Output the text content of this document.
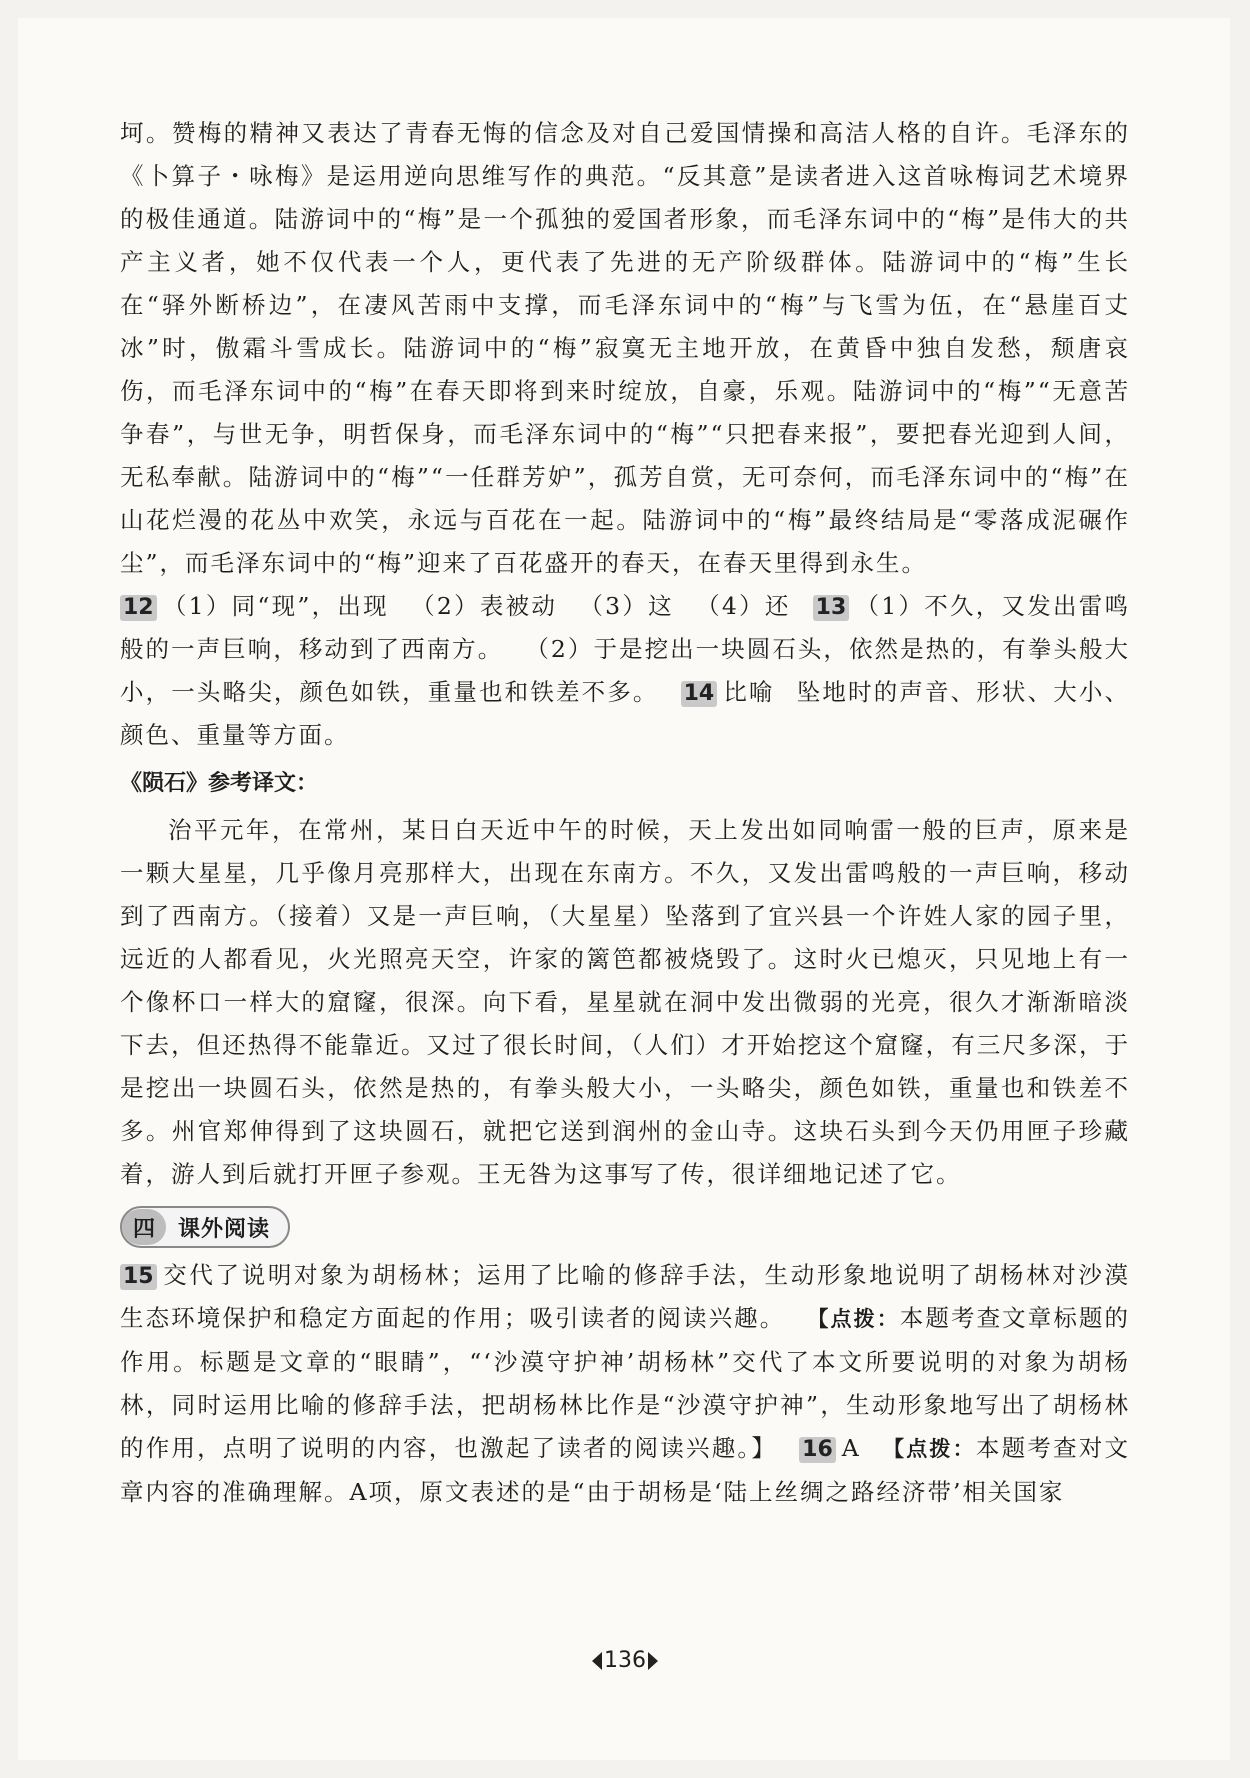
坷。赞梅的精神又表达了青春无悔的信念及对自己爱国情操和高洁人格的自许。毛泽东的《卜算子・咏梅》是运用逆向思维写作的典范。“反其意”是读者进入这首咏梅词艺术境界的极佳通道。陆游词中的“梅”是一个孤独的爱国者形象，而毛泽东词中的“梅”是伟大的共产主义者，她不仅代表一个人，更代表了先进的无产阶级群体。陆游词中的“梅”生长在“驿外断桥边”，在凄风苦雨中支撑，而毛泽东词中的“梅”与飞雪为伍，在“悬崖百丈冰”时，傲霜斗雪成长。陆游词中的“梅”寂寞无主地开放，在黄昏中独自发愁，颓唐哀伤，而毛泽东词中的“梅”在春天即将到来时绽放，自豪，乐观。陆游词中的“梅”“无意苦争春”，与世无争，明哲保身，而毛泽东词中的“梅”“只把春来报”，要把春光迎到人间，无私奉献。陆游词中的“梅”“一任群芳妒”，孤芳自赏，无可奈何，而毛泽东词中的“梅”在山花烂漫的花丛中欢笑，永远与百花在一起。陆游词中的“梅”最终结局是“零落成泥碾作尘”，而毛泽东词中的“梅”迎来了百花盛开的春天，在春天里得到永生。

12 （1）同“现”，出现 （2）表被动 （3）这 （4）还 13 （1）不久，又发出雷鸣般的一声巨响，移动到了西南方。 （2）于是挖出一块圆石头，依然是热的，有拳头般大小，一头略尖，颜色如铁，重量也和铁差不多。 14 比喻 坠地时的声音、形状、大小、颜色、重量等方面。

《陨石》参考译文：

治平元年，在常州，某日白天近中午的时候，天上发出如同响雷一般的巨声，原来是一颗大星星，几乎像月亮那样大，出现在东南方。不久，又发出雷鸣般的一声巨响，移动到了西南方。（接着）又是一声巨响，（大星星）坠落到了宜兴县一个许姓人家的园子里，远近的人都看见，火光照亮天空，许家的篱笆都被烧毁了。这时火已熄灭，只见地上有一个像杯口一样大的窟窿，很深。向下看，星星就在洞中发出微弱的光亮，很久才渐渐暗淡下去，但还热得不能靠近。又过了很长时间，（人们）才开始挖这个窟窿，有三尺多深，于是挖出一块圆石头，依然是热的，有拳头般大小，一头略尖，颜色如铁，重量也和铁差不多。州官郑伸得到了这块圆石，就把它送到润州的金山寺。这块石头到今天仍用匣子珍藏着，游人到后就打开匣子参观。王无咎为这事写了传，很详细地记述了它。

四	课外阅读

15 交代了说明对象为胡杨林；运用了比喻的修辞手法，生动形象地说明了胡杨林对沙漠生态环境保护和稳定方面起的作用；吸引读者的阅读兴趣。 【点拨：本题考查文章标题的作用。标题是文章的“眼睛”，“‘沙漠守护神’胡杨林”交代了本文所要说明的对象为胡杨林，同时运用比喻的修辞手法，把胡杨林比作是“沙漠守护神”，生动形象地写出了胡杨林的作用，点明了说明的内容，也激起了读者的阅读兴趣。】 16 A 【点拨：本题考查对文章内容的准确理解。A项，原文表述的是“由于胡杨是‘陆上丝绸之路经济带’相关国家

136
